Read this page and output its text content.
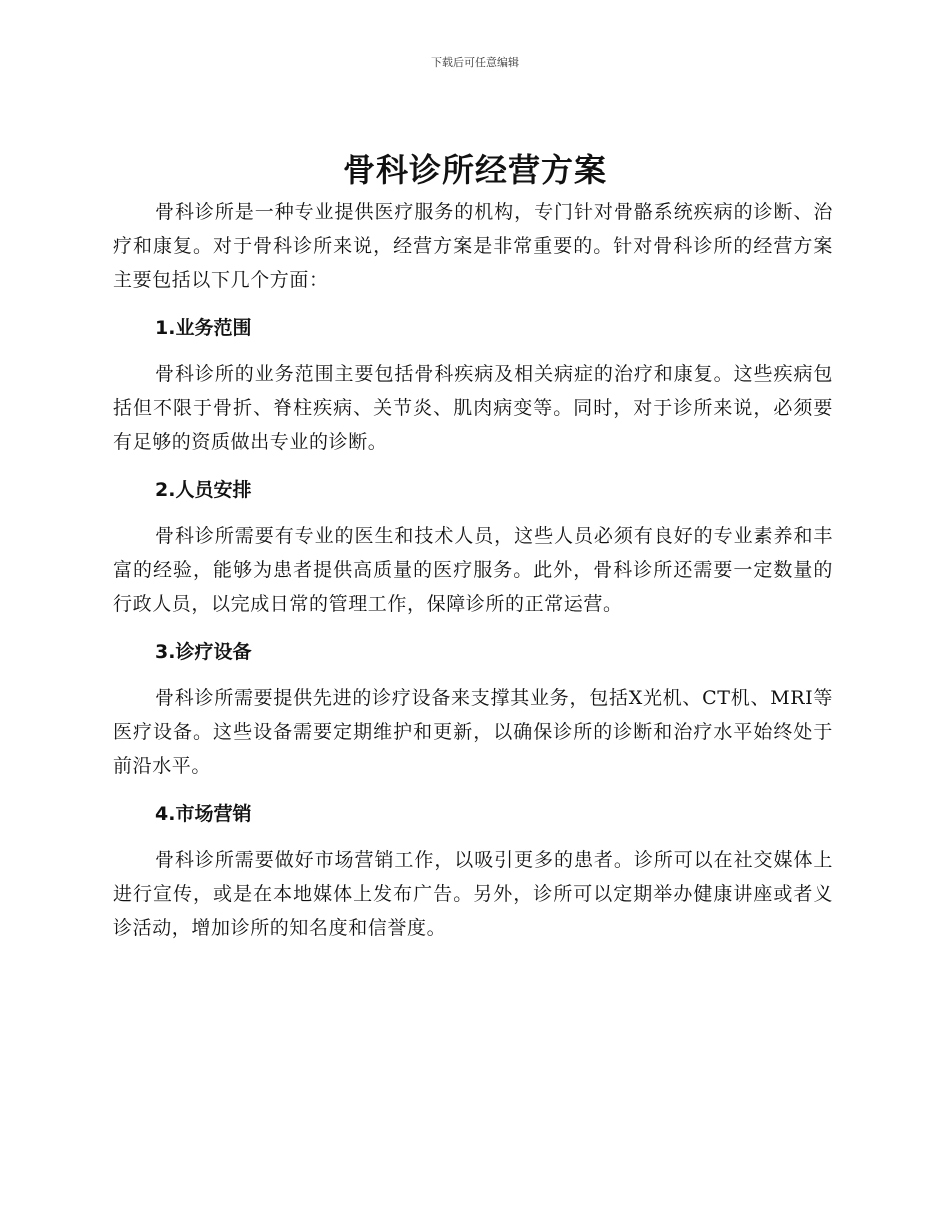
下载后可任意编辑
骨科诊所经营方案

骨科诊所是一种专业提供医疗服务的机构，专门针对骨骼系统疾病的诊断、治疗和康复。对于骨科诊所来说，经营方案是非常重要的。针对骨科诊所的经营方案主要包括以下几个方面：

1.业务范围

骨科诊所的业务范围主要包括骨科疾病及相关病症的治疗和康复。这些疾病包括但不限于骨折、脊柱疾病、关节炎、肌肉病变等。同时，对于诊所来说，必须要有足够的资质做出专业的诊断。

2.人员安排

骨科诊所需要有专业的医生和技术人员，这些人员必须有良好的专业素养和丰富的经验，能够为患者提供高质量的医疗服务。此外，骨科诊所还需要一定数量的行政人员，以完成日常的管理工作，保障诊所的正常运营。

3.诊疗设备

骨科诊所需要提供先进的诊疗设备来支撑其业务，包括X光机、CT机、MRI等医疗设备。这些设备需要定期维护和更新，以确保诊所的诊断和治疗水平始终处于前沿水平。

4.市场营销

骨科诊所需要做好市场营销工作，以吸引更多的患者。诊所可以在社交媒体上进行宣传，或是在本地媒体上发布广告。另外，诊所可以定期举办健康讲座或者义诊活动，增加诊所的知名度和信誉度。
